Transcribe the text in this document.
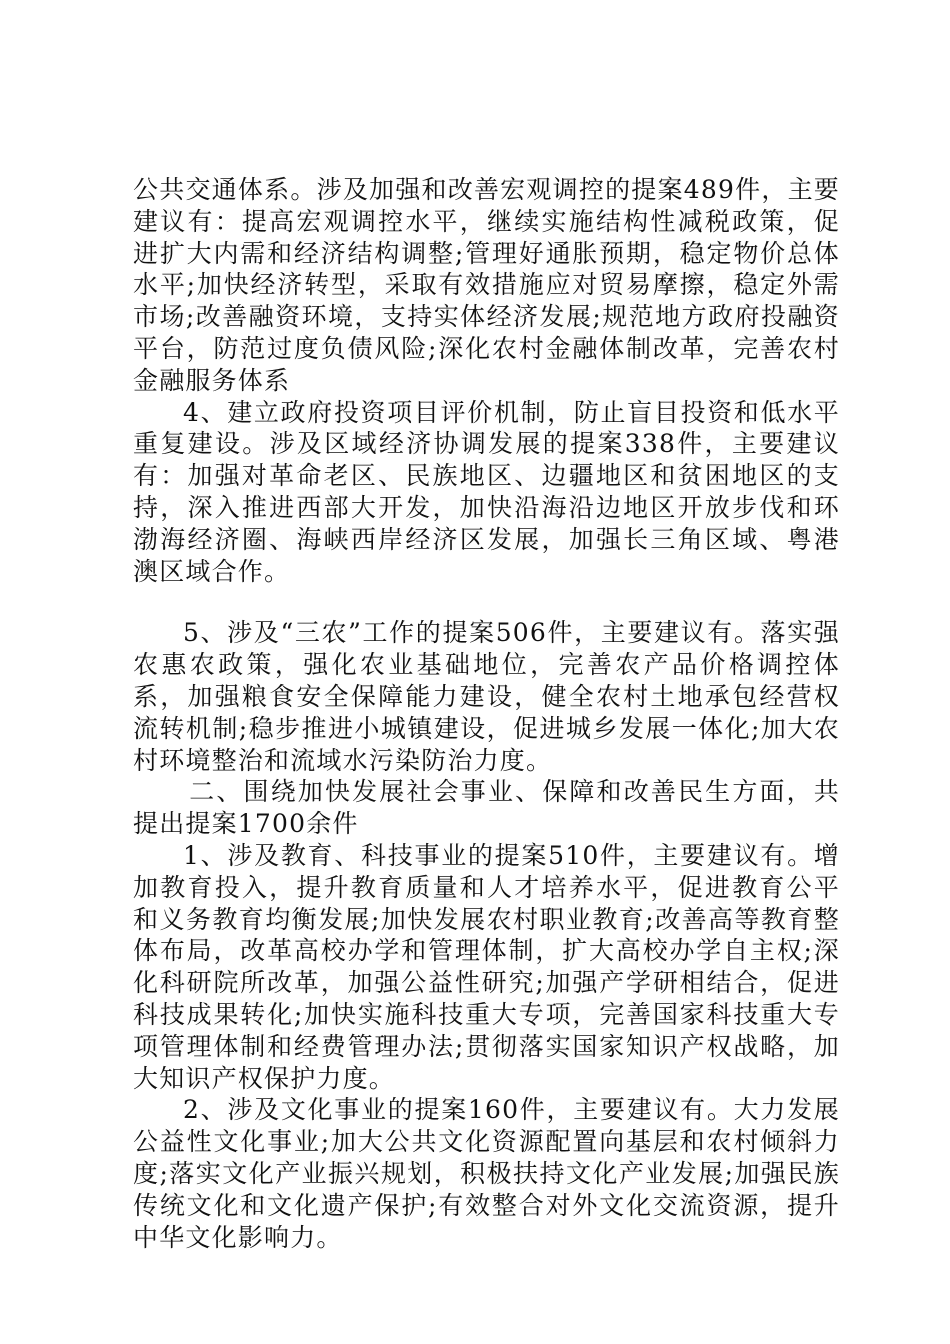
公共交通体系。涉及加强和改善宏观调控的提案489件，主要建议有：提高宏观调控水平，继续实施结构性减税政策，促进扩大内需和经济结构调整;管理好通胀预期，稳定物价总体水平;加快经济转型，采取有效措施应对贸易摩擦，稳定外需市场;改善融资环境，支持实体经济发展;规范地方政府投融资平台，防范过度负债风险;深化农村金融体制改革，完善农村金融服务体系

4、建立政府投资项目评价机制，防止盲目投资和低水平重复建设。涉及区域经济协调发展的提案338件，主要建议有：加强对革命老区、民族地区、边疆地区和贫困地区的支持，深入推进西部大开发，加快沿海沿边地区开放步伐和环渤海经济圈、海峡西岸经济区发展，加强长三角区域、粤港澳区域合作。

5、涉及“三农”工作的提案506件，主要建议有。落实强农惠农政策，强化农业基础地位，完善农产品价格调控体系，加强粮食安全保障能力建设，健全农村土地承包经营权流转机制;稳步推进小城镇建设，促进城乡发展一体化;加大农村环境整治和流域水污染防治力度。

二、围绕加快发展社会事业、保障和改善民生方面，共提出提案1700余件

1、涉及教育、科技事业的提案510件，主要建议有。增加教育投入，提升教育质量和人才培养水平，促进教育公平和义务教育均衡发展;加快发展农村职业教育;改善高等教育整体布局，改革高校办学和管理体制，扩大高校办学自主权;深化科研院所改革，加强公益性研究;加强产学研相结合，促进科技成果转化;加快实施科技重大专项，完善国家科技重大专项管理体制和经费管理办法;贯彻落实国家知识产权战略，加大知识产权保护力度。

2、涉及文化事业的提案160件，主要建议有。大力发展公益性文化事业;加大公共文化资源配置向基层和农村倾斜力度;落实文化产业振兴规划，积极扶持文化产业发展;加强民族传统文化和文化遗产保护;有效整合对外文化交流资源，提升中华文化影响力。
